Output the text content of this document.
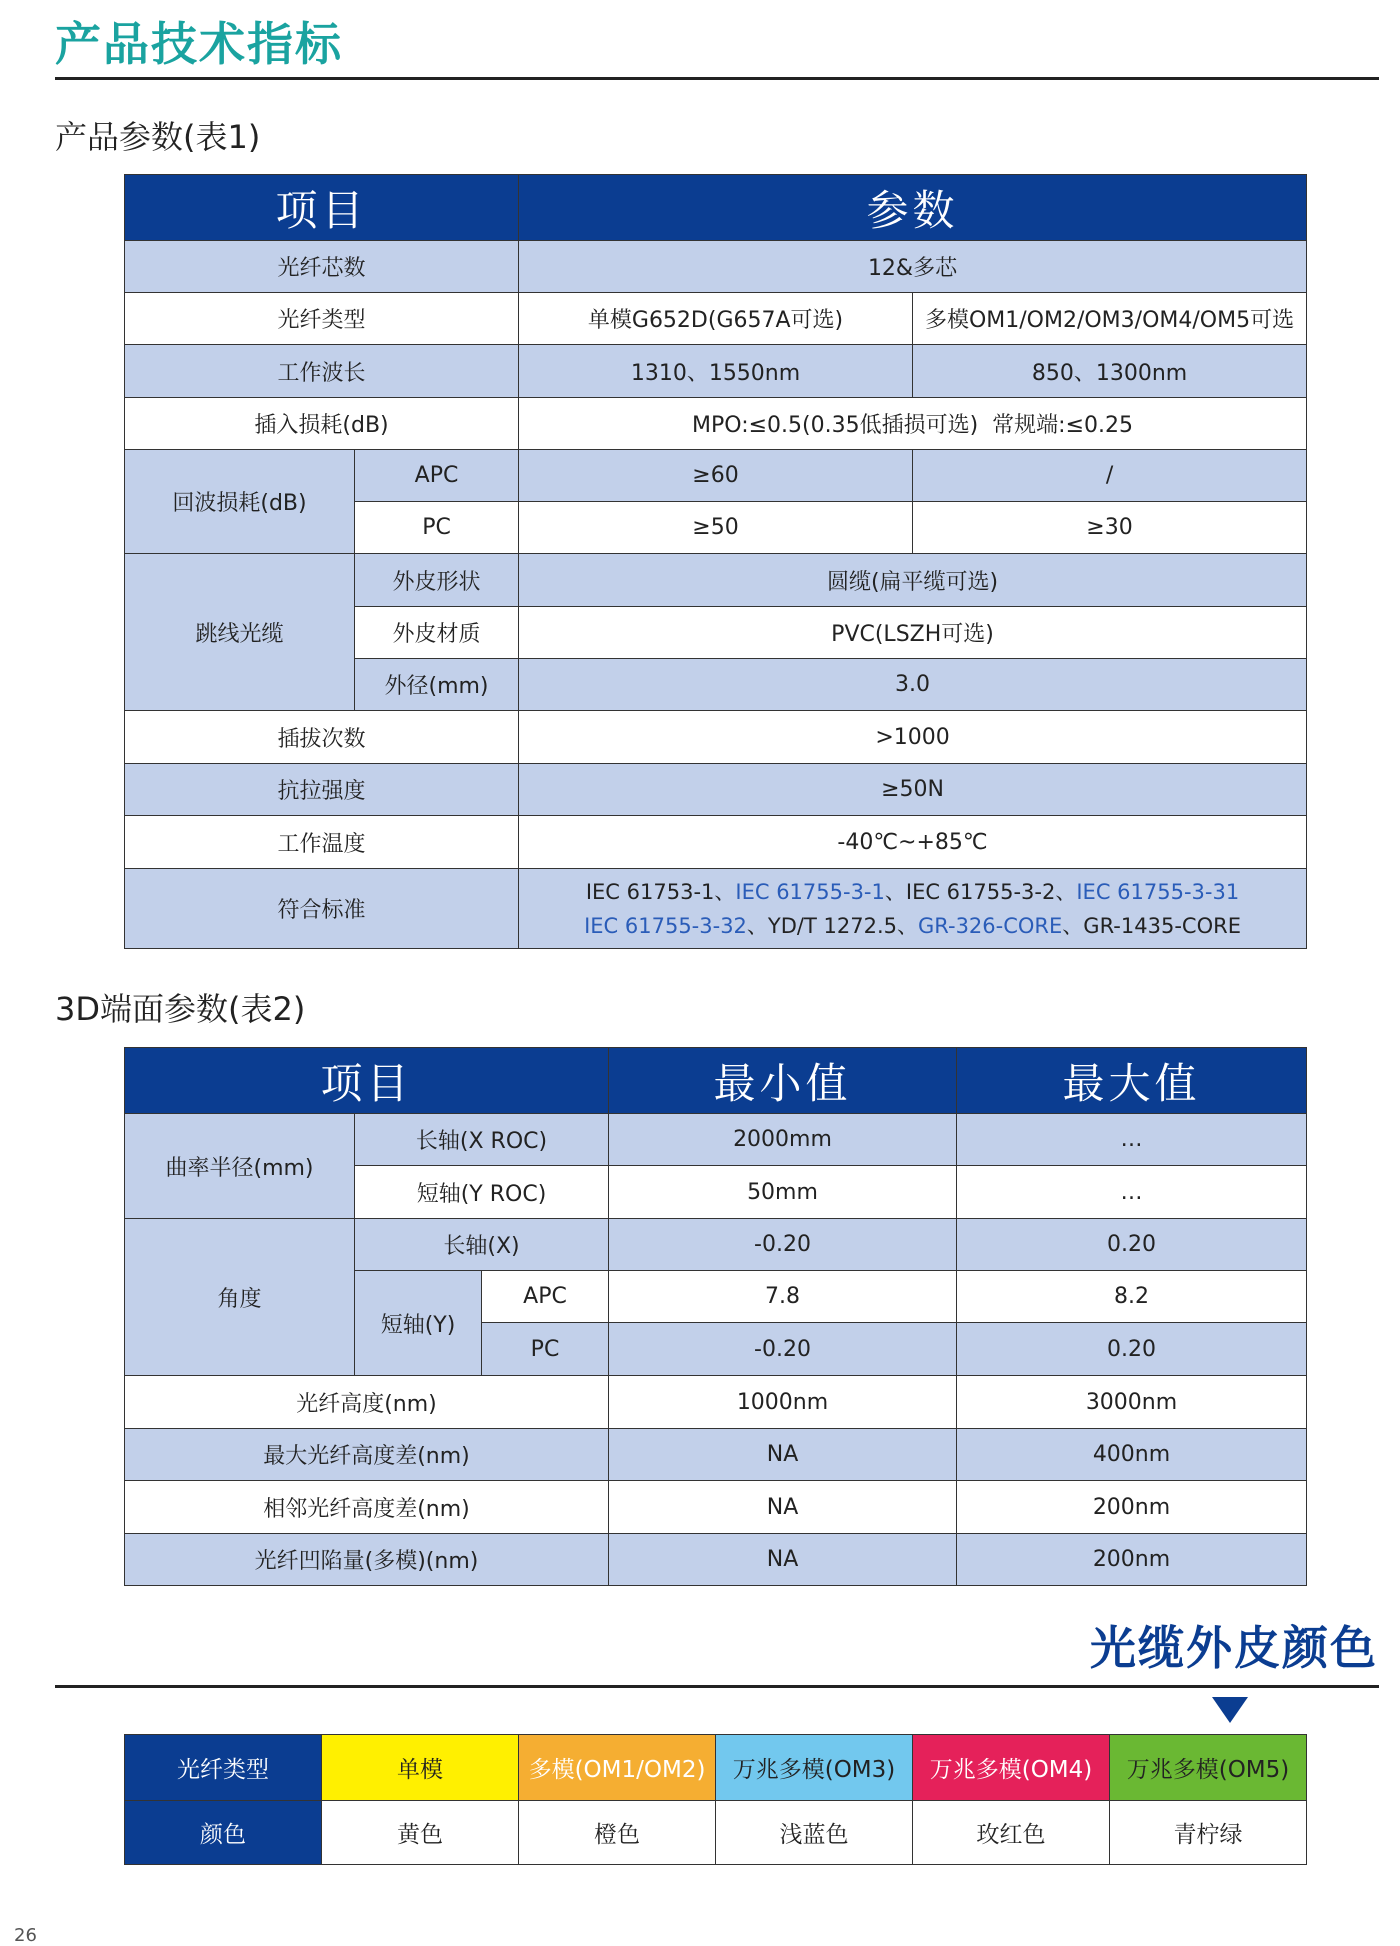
产品技术指标
产品参数(表1)
项目		参数	
光纤芯数		12&多芯	
光纤类型		单模G652D(G657A可选)	多模OM1/OM2/OM3/OM4/OM5可选
工作波长		1310、1550nm	850、1300nm
插入损耗(dB)		MPO:≤0.5(0.35低插损可选)  常规端:≤0.25	
回波损耗(dB)	APC	≥60	/
	PC	≥50	≥30
跳线光缆	外皮形状	圆缆(扁平缆可选)	
	外皮材质	PVC(LSZH可选)	
	外径(mm)	3.0	
插拔次数		>1000	
抗拉强度		≥50N	
工作温度		-40℃~+85℃	
符合标准		IEC 61753-1、IEC 61755-3-1、IEC 61755-3-2、IEC 61755-3-31
IEC 61755-3-32、YD/T 1272.5、GR-326-CORE、GR-1435-CORE	
3D端面参数(表2)
项目			最小值	最大值
曲率半径(mm)	长轴(X ROC)		2000mm	…
	短轴(Y ROC)		50mm	…
角度	长轴(X)		-0.20	0.20
	短轴(Y)	APC	7.8	8.2
		PC	-0.20	0.20
光纤高度(nm)			1000nm	3000nm
最大光纤高度差(nm)			NA	400nm
相邻光纤高度差(nm)			NA	200nm
光纤凹陷量(多模)(nm)			NA	200nm
光缆外皮颜色
光纤类型	单模	多模(OM1/OM2)	万兆多模(OM3)	万兆多模(OM4)	万兆多模(OM5)
颜色	黄色	橙色	浅蓝色	玫红色	青柠绿
26
